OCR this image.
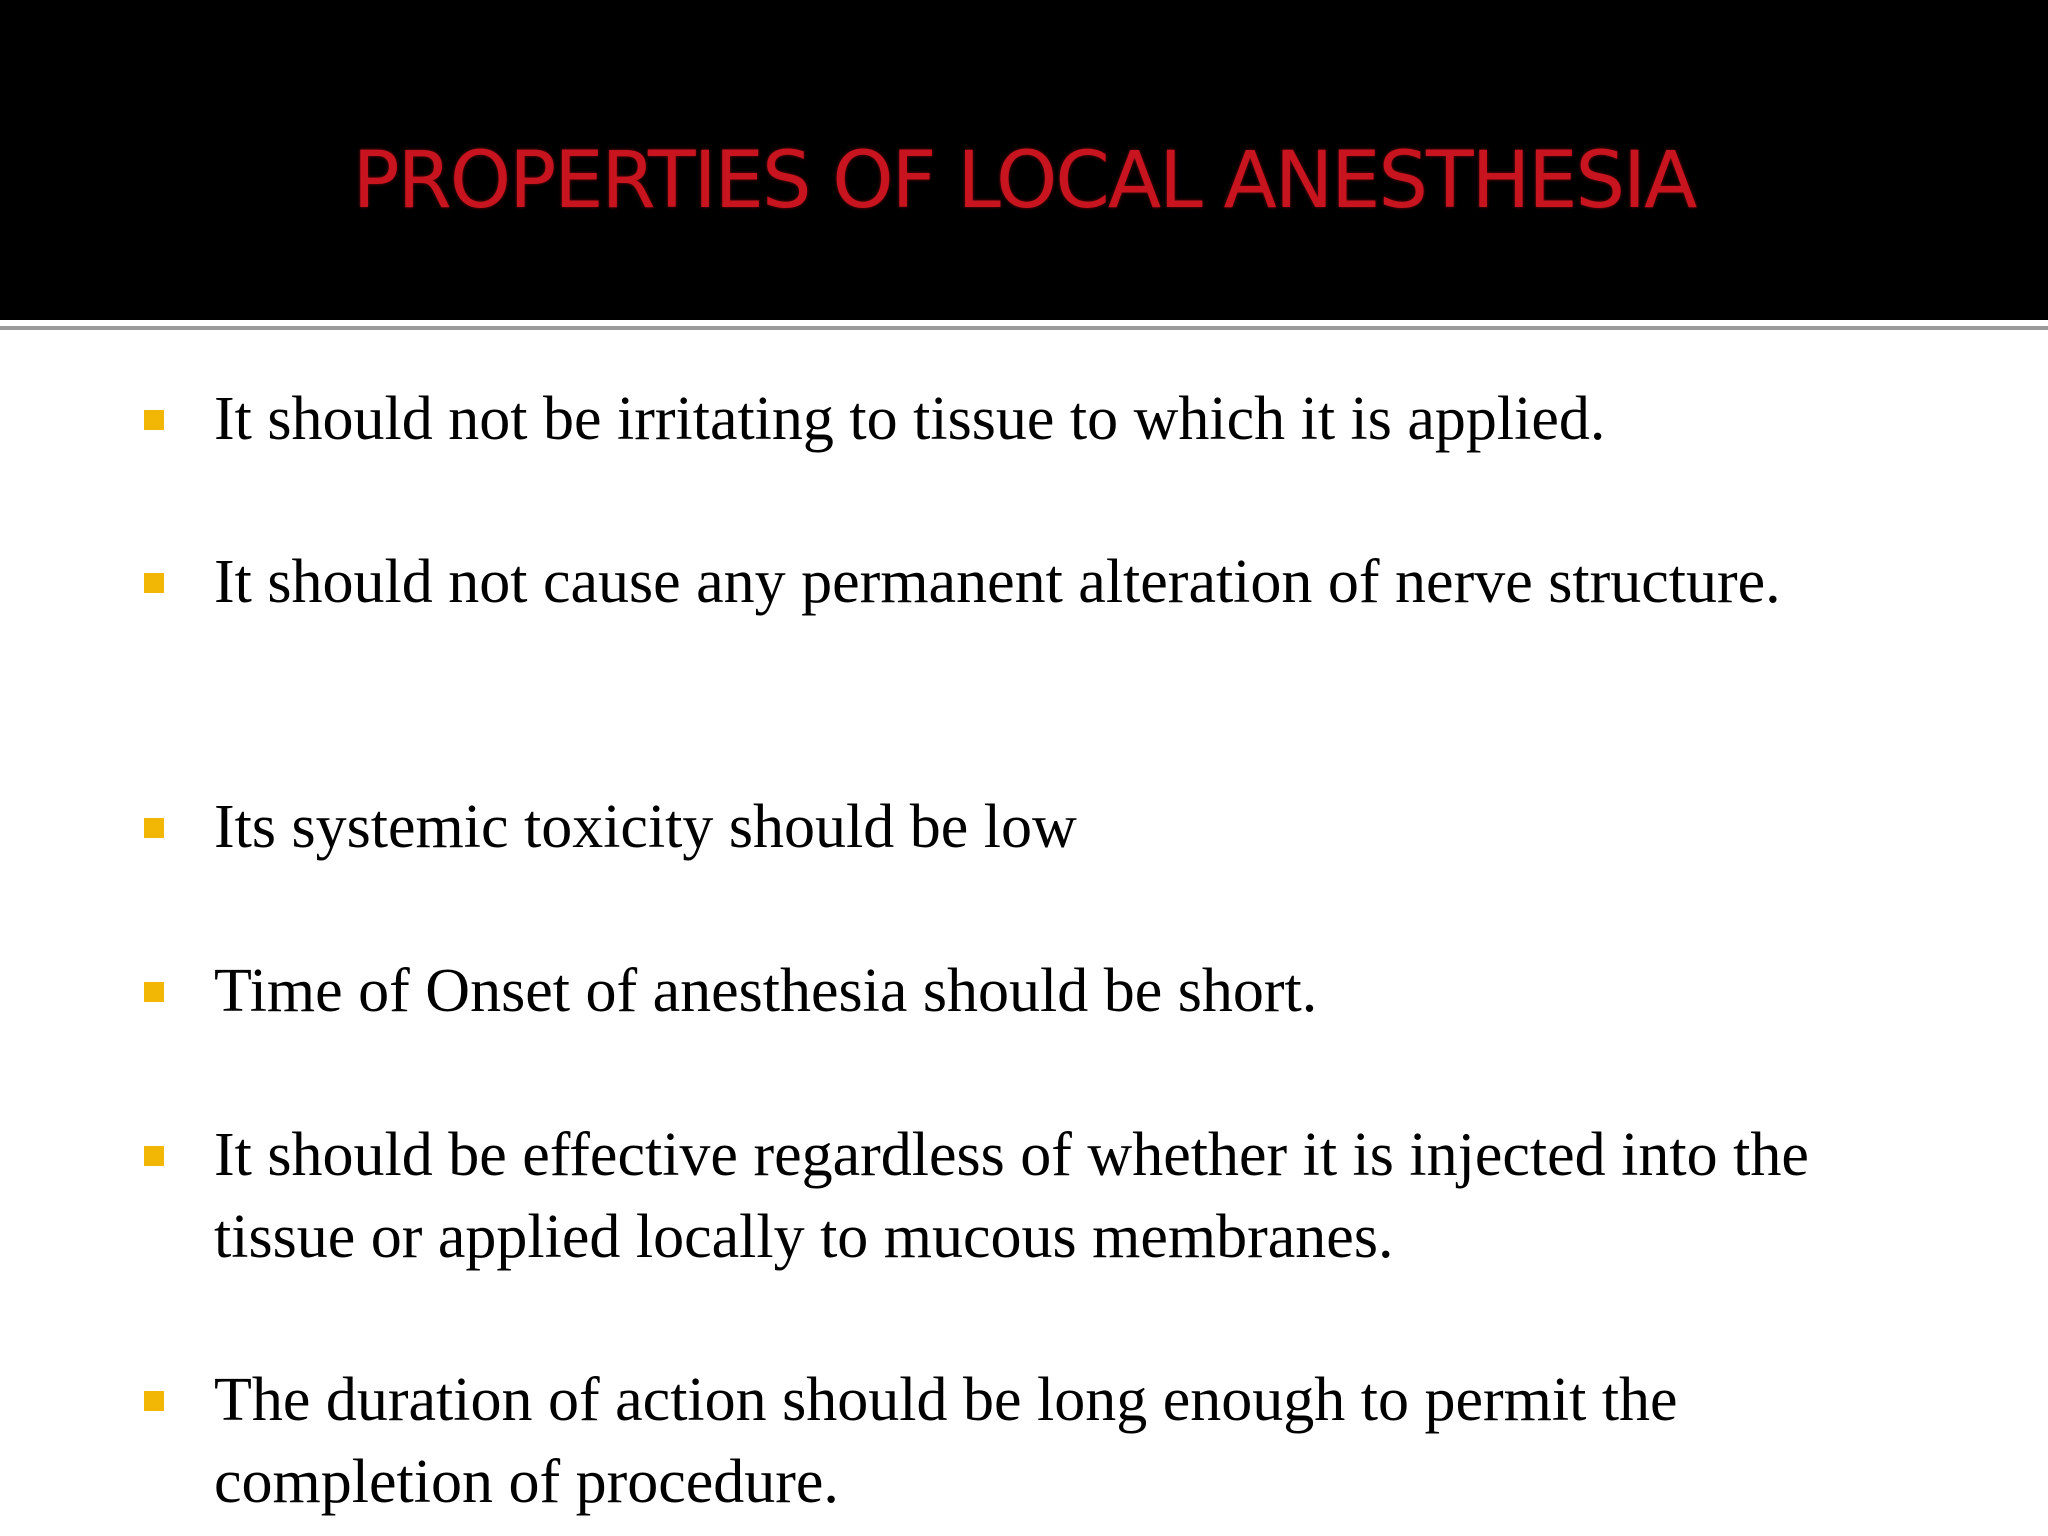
PROPERTIES OF LOCAL ANESTHESIA
It should not be irritating to tissue to which it is applied.
It should not cause any permanent alteration of nerve structure.
Its systemic toxicity should be low
Time of Onset of anesthesia should be short.
It should be effective regardless of whether it is injected into the tissue or applied locally to mucous membranes.
The duration of action should be long enough to permit the completion of procedure.
